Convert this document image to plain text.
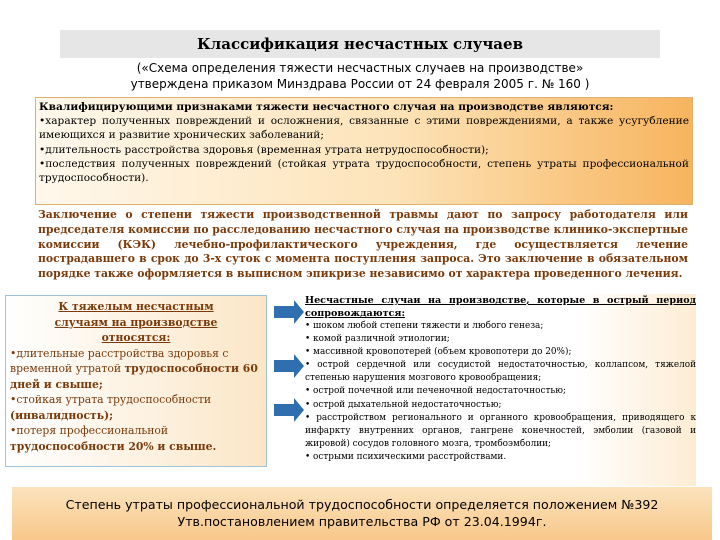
Классификация несчастных случаев
(«Схема определения тяжести несчастных случаев на производстве»
утверждена приказом Минздрава России от 24 февраля 2005 г. № 160 )
Квалифицирующими признаками тяжести несчастного случая на производстве являются:
•характер полученных повреждений и осложнения, связанные с этими повреждениями, а также усугубление имеющихся и развитие хронических заболеваний;
•длительность расстройства здоровья (временная утрата нетрудоспособности);
•последствия полученных повреждений (стойкая утрата трудоспособности, степень утраты профессиональной трудоспособности).
Заключение о степени тяжести производственной травмы дают по запросу работодателя или председателя комиссии по расследованию несчастного случая на производстве клинико-экспертные комиссии (КЭК) лечебно-профилактического учреждения, где осуществляется лечение пострадавшего в срок до 3-х суток с момента поступления запроса. Это заключение в обязательном порядке также оформляется в выписном эпикризе независимо от характера проведенного лечения.
К тяжелым несчастным случаям на производстве относятся:

•длительные расстройства здоровья с временной утратой трудоспособности 60 дней и свыше;

•стойкая утрата трудоспособности (инвалидность);

•потеря профессиональной трудоспособности 20% и свыше.

Несчастные случаи на производстве, которые в острый период сопровождаются:

• шоком любой степени тяжести и любого генеза;

• комой различной этиологии;

• массивной кровопотерей (объем кровопотери до 20%);

• острой сердечной или сосудистой недостаточностью, коллапсом, тяжелой степенью нарушения мозгового кровообращения;

• острой почечной или печеночной недостаточностью;

• острой дыхательной недостаточностью;

• расстройством регионального и органного кровообращения, приводящего к инфаркту внутренних органов, гангрене конечностей, эмболии (газовой и жировой) сосудов головного мозга, тромбоэмболии;

• острыми психическими расстройствами.

Степень утраты профессиональной трудоспособности определяется положением №392
Утв.постановлением правительства РФ от 23.04.1994г.
